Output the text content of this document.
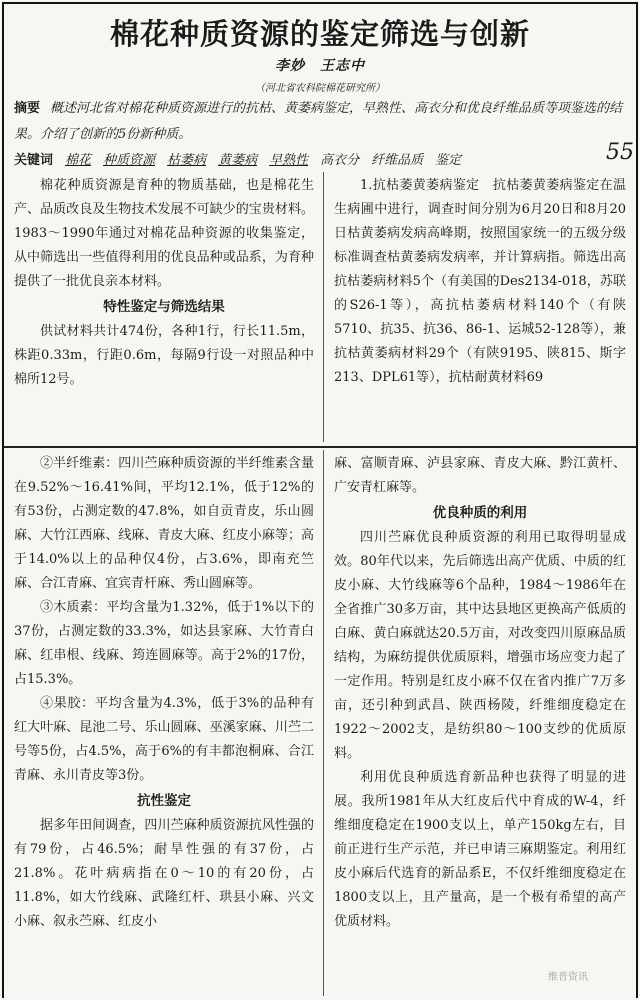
棉花种质资源的鉴定筛选与创新
李妙　王志中
（河北省农科院棉花研究所）
摘要 概述河北省对棉花种质资源进行的抗枯、黄萎病鉴定，早熟性、高衣分和优良纤维品质等项鉴选的结果。介绍了创新的5份新种质。
关键词 棉花 种质资源 枯萎病 黄萎病 早熟性 高衣分 纤维品质 鉴定	55

棉花种质资源是育种的物质基础，也是棉花生产、品质改良及生物技术发展不可缺少的宝贵材料。1983～1990年通过对棉花品种资源的收集鉴定，从中筛选出一些值得利用的优良品种或品系，为育种提供了一批优良亲本材料。

特性鉴定与筛选结果

供试材料共计474份，各种1行，行长11.5m，株距0.33m，行距0.6m，每隔9行设一对照品种中棉所12号。

1.抗枯萎黄萎病鉴定　抗枯萎黄萎病鉴定在温生病圃中进行，调查时间分别为6月20日和8月20日枯黄萎病发病高峰期，按照国家统一的五级分级标准调查枯黄萎病发病率，并计算病指。筛选出高抗枯萎病材料5个（有美国的Des2134-018，苏联的S26-1等），高抗枯萎病材料140个（有陕5710、抗35、抗36、86-1、运城52-128等），兼抗枯黄萎病材料29个（有陕9195、陕815、斯字213、DPL61等），抗枯耐黄材料69

②半纤维素：四川苎麻种质资源的半纤维素含量在9.52%～16.41%间，平均12.1%，低于12%的有53份，占测定数的47.8%，如自贡青皮，乐山圆麻、大竹江西麻、线麻、青皮大麻、红皮小麻等；高于14.0%以上的品种仅4份，占3.6%，即南充竺麻、合江青麻、宜宾青杆麻、秀山圆麻等。

③木质素：平均含量为1.32%，低于1%以下的37份，占测定数的33.3%，如达县家麻、大竹青白麻、红串根、线麻、筠连圆麻等。高于2%的17份，占15.3%。

④果胶：平均含量为4.3%，低于3%的品种有红大叶麻、昆池二号、乐山圆麻、巫溪家麻、川苎二号等5份，占4.5%，高于6%的有丰都泡桐麻、合江青麻、永川青皮等3份。

抗性鉴定

据多年田间调查，四川苎麻种质资源抗风性强的有79份，占46.5%；耐旱性强的有37份，占21.8%。花叶病病指在0～10的有20份，占11.8%，如大竹线麻、武隆红杆、珙县小麻、兴文小麻、叙永苎麻、红皮小

麻、富顺青麻、泸县家麻、青皮大麻、黔江黄杆、广安青杠麻等。

优良种质的利用

四川苎麻优良种质资源的利用已取得明显成效。80年代以来，先后筛选出高产优质、中质的红皮小麻、大竹线麻等6个品种，1984～1986年在全省推广30多万亩，其中达县地区更换高产低质的白麻、黄白麻就达20.5万亩，对改变四川原麻品质结构，为麻纺提供优质原料，增强市场应变力起了一定作用。特别是红皮小麻不仅在省内推广7万多亩，还引种到武昌、陕西杨陵，纤维细度稳定在1922～2002支，是纺织80～100支纱的优质原料。

利用优良种质选育新品种也获得了明显的进展。我所1981年从大红皮后代中育成的W-4，纤维细度稳定在1900支以上，单产150kg左右，目前正进行生产示范，并已申请三麻期鉴定。利用红皮小麻后代选育的新品系E，不仅纤维细度稳定在1800支以上，且产量高，是一个极有希望的高产优质材料。

维普资讯
